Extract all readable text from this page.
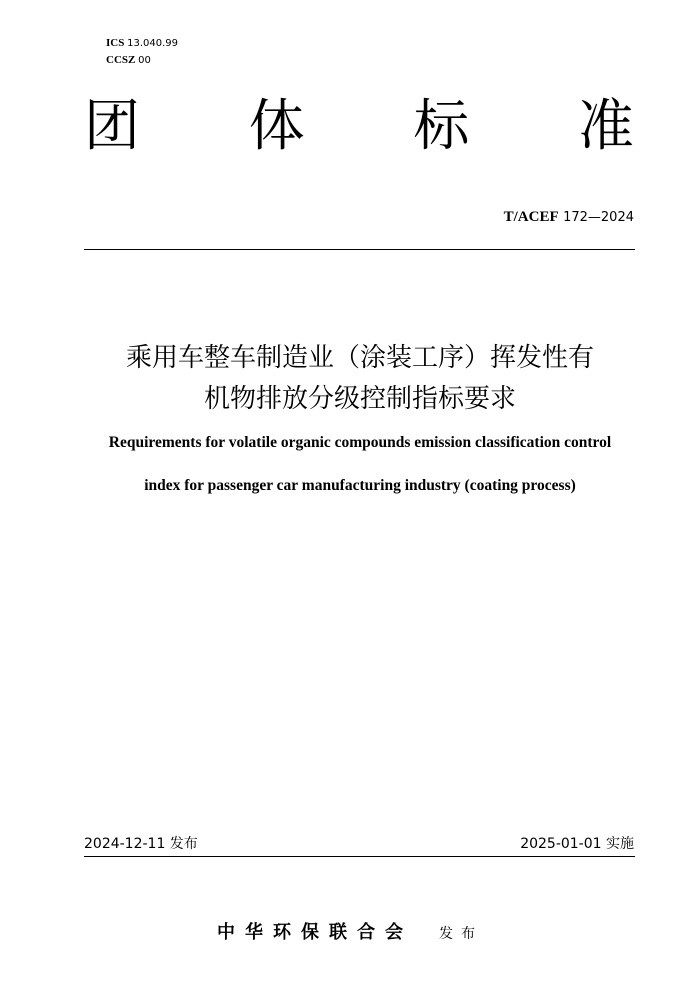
ICS 13.040.99
CCSZ 00
团 体 标 准
T/ACEF 172—2024
乘用车整车制造业（涂装工序）挥发性有
机物排放分级控制指标要求
Requirements for volatile organic compounds emission classification control
index for passenger car manufacturing industry (coating process)
2024-12-11 发布	2025-01-01 实施
中华环保联合会 发布
